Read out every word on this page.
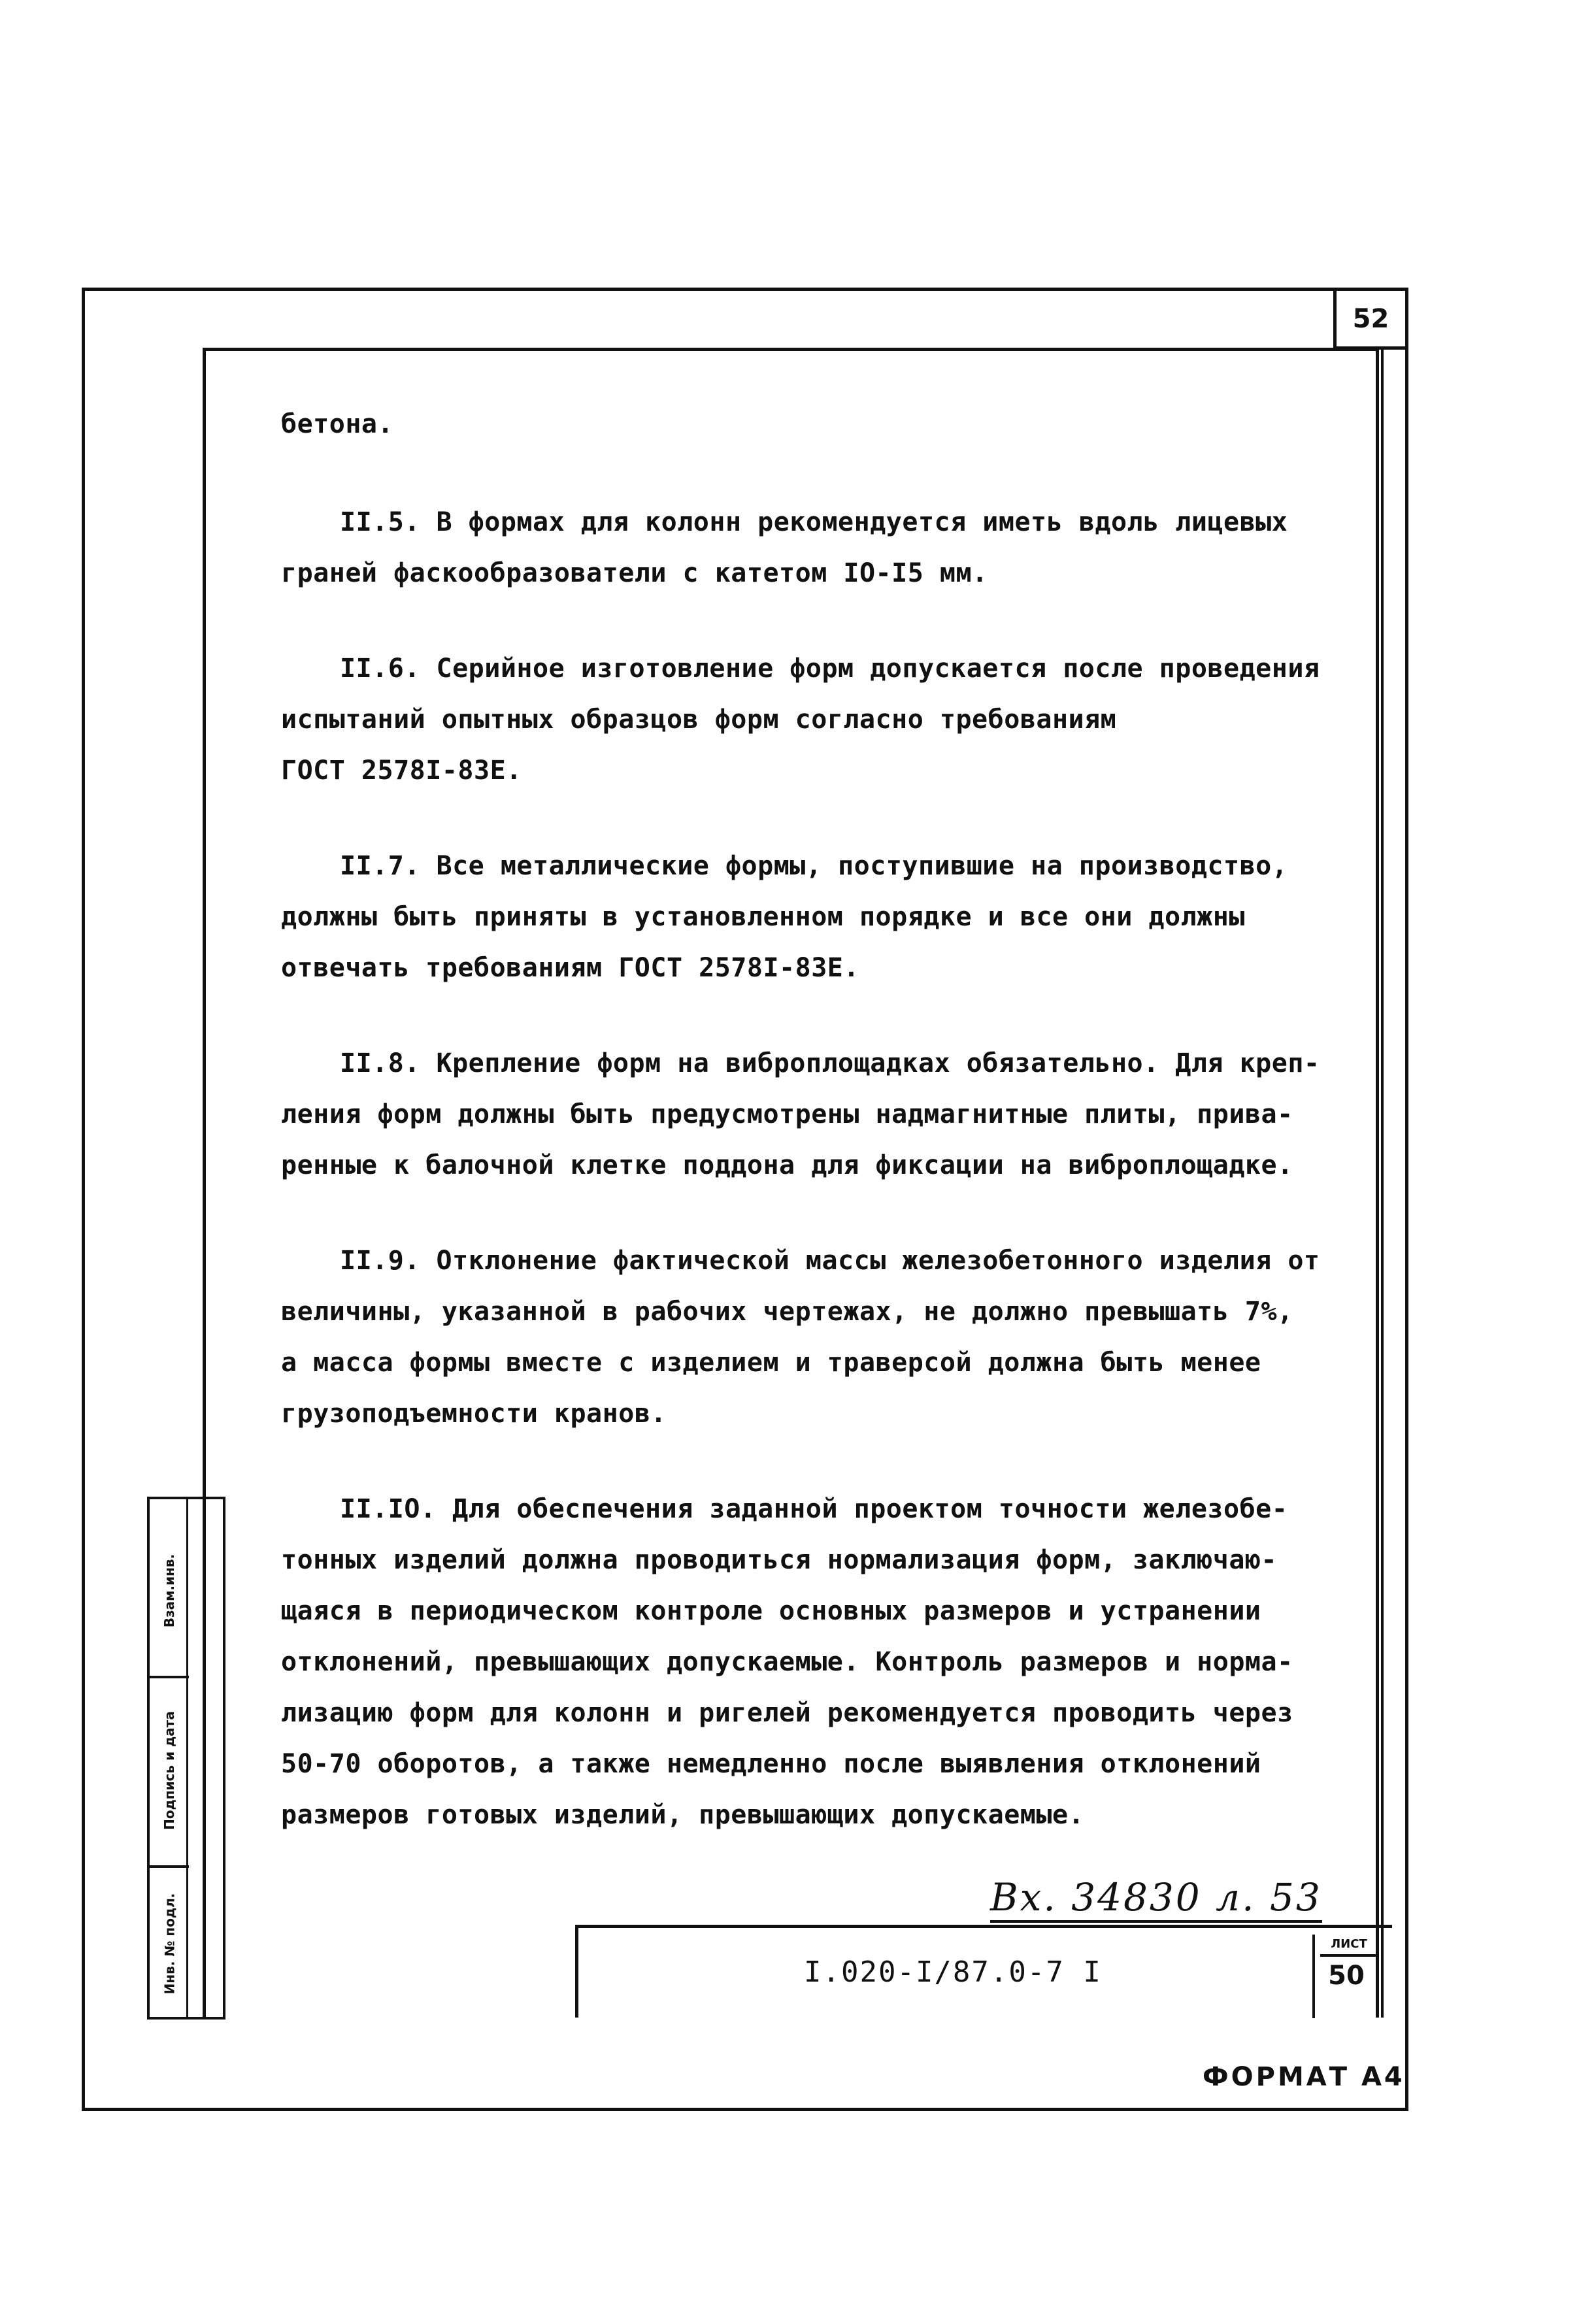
52

бетона.

II.5. В формах для колонн рекомендуется иметь вдоль лицевых
граней фаскообразователи с катетом IO-I5 мм.

II.6. Серийное изготовление форм допускается после проведения
испытаний опытных образцов форм согласно требованиям
ГОСТ 2578I-83Е.

II.7. Все металлические формы, поступившие на производство,
должны быть приняты в установленном порядке и все они должны
отвечать требованиям ГОСТ 2578I-83Е.

II.8. Крепление форм на виброплощадках обязательно. Для креп-
ления форм должны быть предусмотрены надмагнитные плиты, прива-
ренные к балочной клетке поддона для фиксации на виброплощадке.

II.9. Отклонение фактической массы железобетонного изделия от
величины, указанной в рабочих чертежах, не должно превышать 7%,
а масса формы вместе с изделием и траверсой должна быть менее
грузоподъемности кранов.

II.IO. Для обеспечения заданной проектом точности железобе-
тонных изделий должна проводиться нормализация форм, заключаю-
щаяся в периодическом контроле основных размеров и устранении
отклонений, превышающих допускаемые. Контроль размеров и норма-
лизацию форм для колонн и ригелей рекомендуется проводить через
50-70 оборотов, а также немедленно после выявления отклонений
размеров готовых изделий, превышающих допускаемые.

Вх. 34830 л. 53
I.020-I/87.0-7 I
ЛИСТ
50
Взам.инв.
Подпись и дата
Инв. № подл.
ФОРМАТ А4
